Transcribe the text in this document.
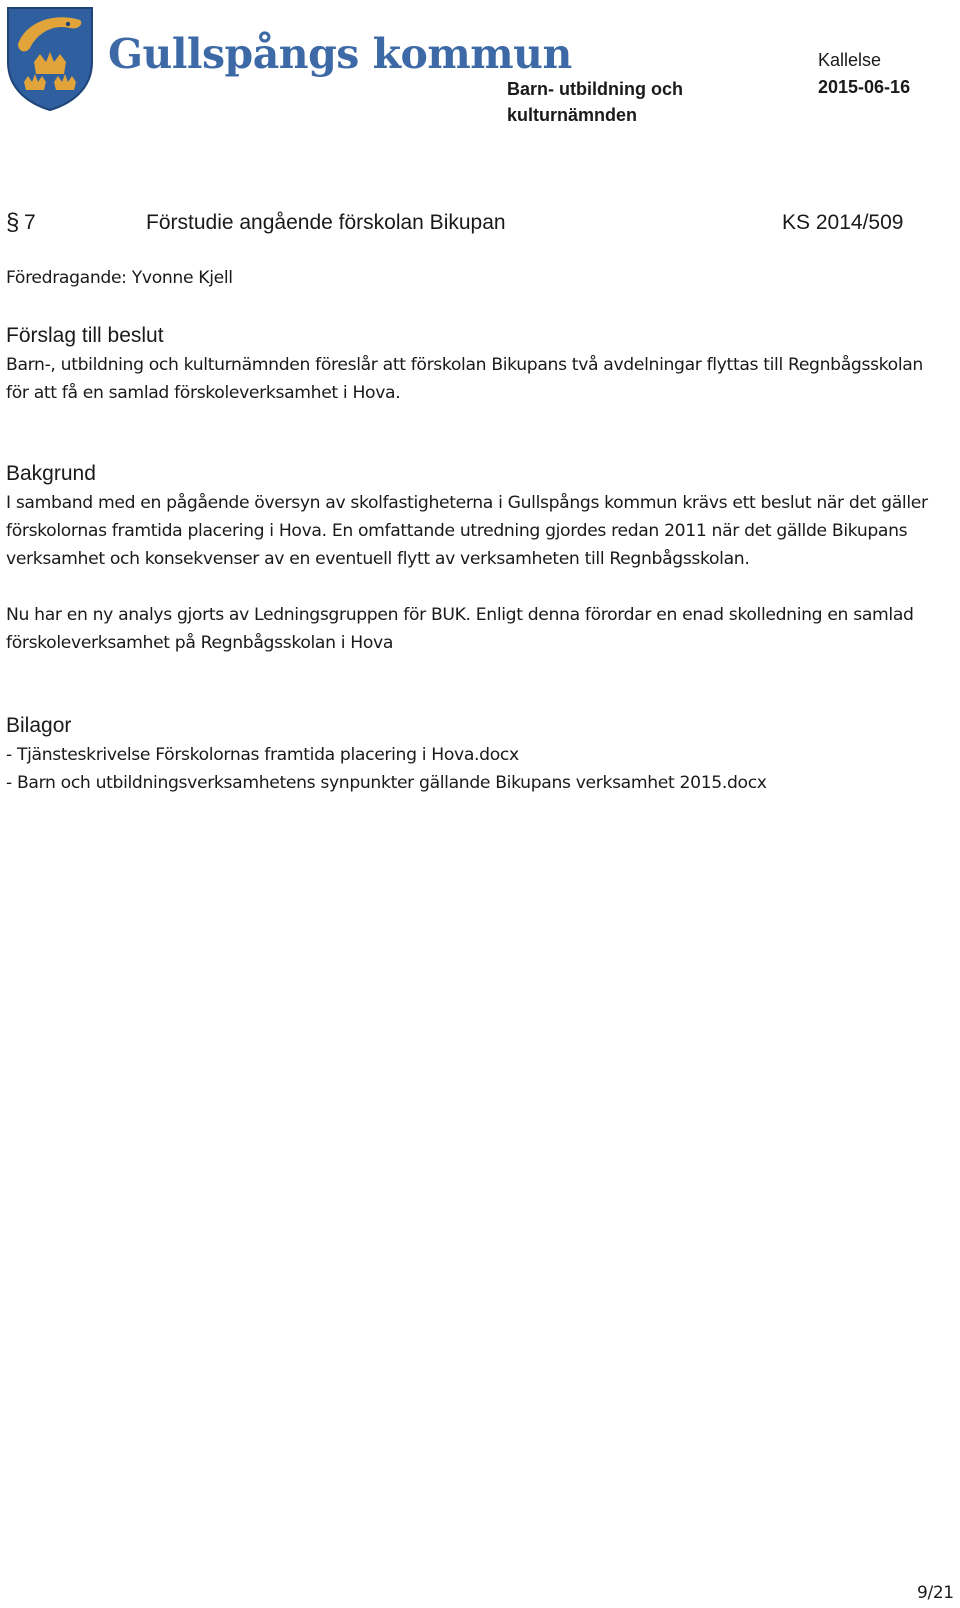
Gullspångs kommun
Barn- utbildning och kulturnämnden
Kallelse
2015-06-16
§ 7	Förstudie angående förskolan Bikupan	KS 2014/509
Föredragande: Yvonne Kjell
Förslag till beslut
Barn-, utbildning och kulturnämnden föreslår att förskolan Bikupans två avdelningar flyttas till Regnbågsskolan för att få en samlad förskoleverksamhet i Hova.
Bakgrund
I samband med en pågående översyn av skolfastigheterna i Gullspångs kommun krävs ett beslut när det gäller förskolornas framtida placering i Hova. En omfattande utredning gjordes redan 2011 när det gällde Bikupans verksamhet och konsekvenser av en eventuell flytt av verksamheten till Regnbågsskolan.
Nu har en ny analys gjorts av Ledningsgruppen för BUK. Enligt denna förordar en enad skolledning en samlad förskoleverksamhet på Regnbågsskolan i Hova
Bilagor
- Tjänsteskrivelse Förskolornas framtida placering i Hova.docx
- Barn och utbildningsverksamhetens synpunkter gällande Bikupans verksamhet 2015.docx
9/21
